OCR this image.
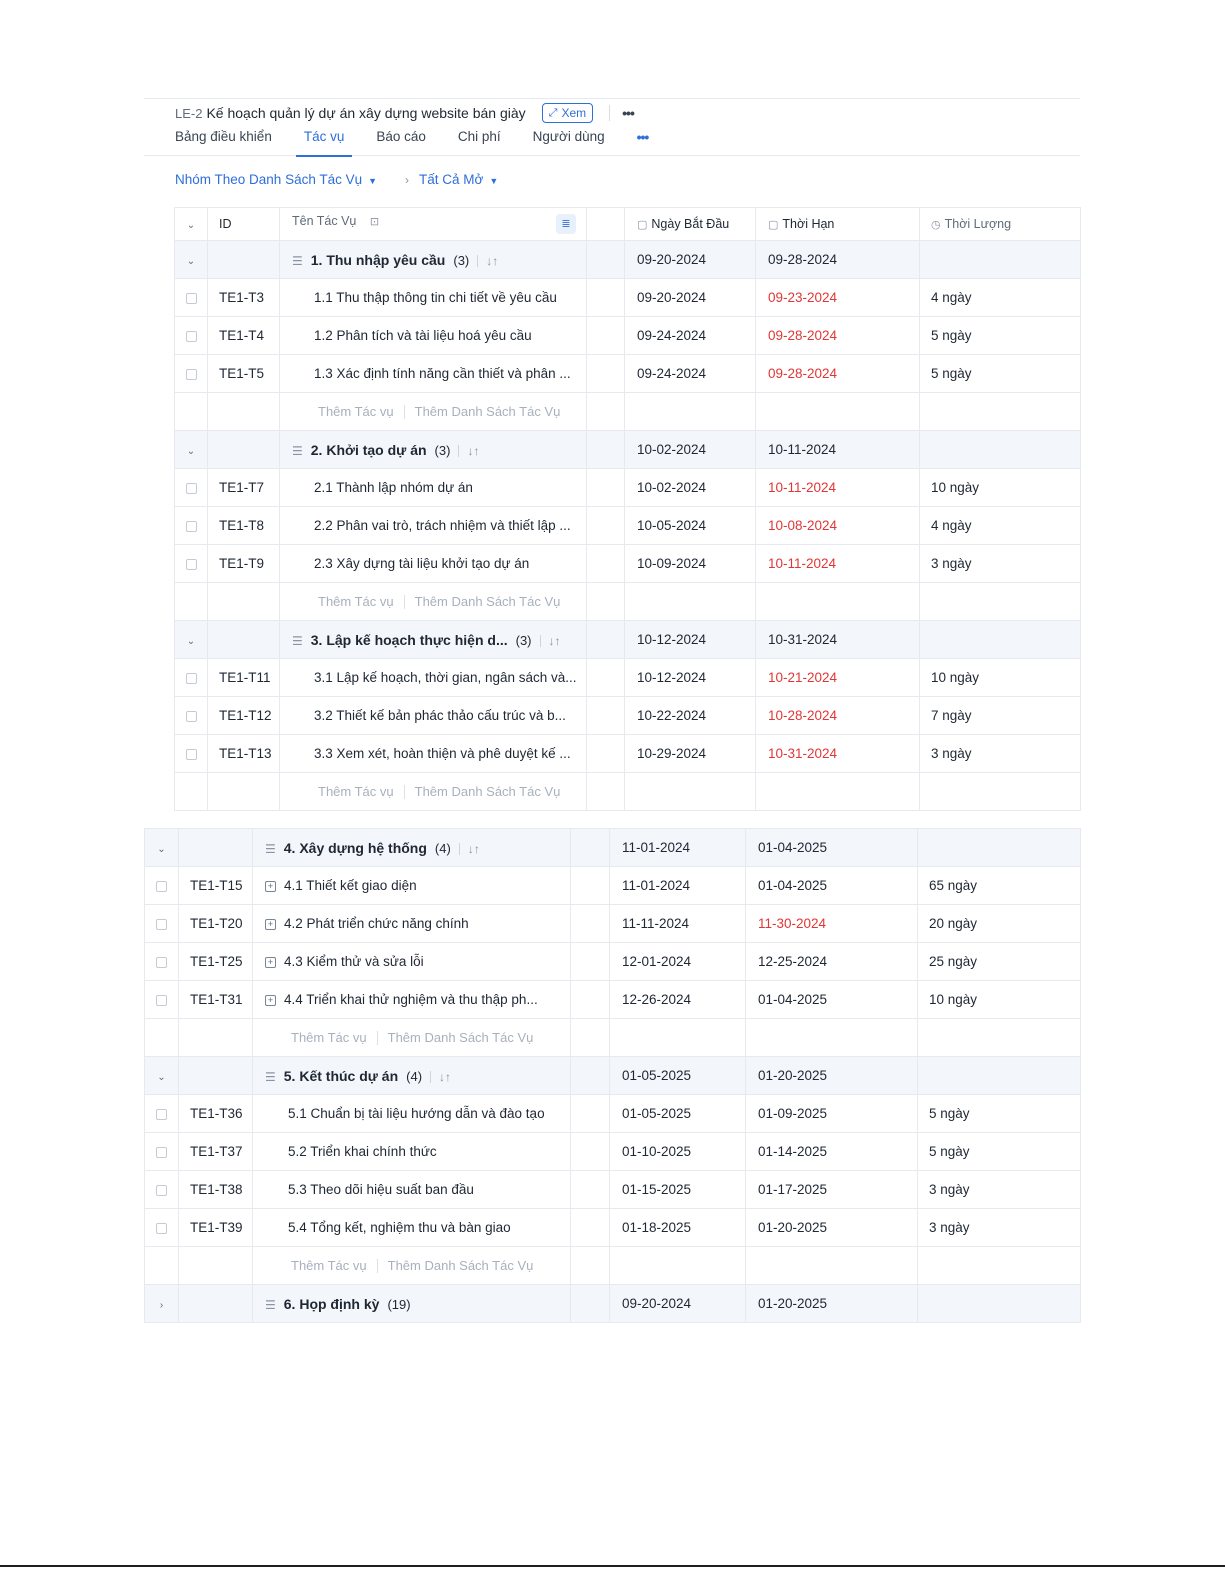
LE-2 Kế hoạch quản lý dự án xây dựng website bán giày ⤢ Xem	•••
Bảng điều khiển Tác vụ Báo cáo Chi phí Người dùng •••
Nhóm Theo Danh Sách Tác Vụ ▼ › Tất Cả Mở ▼
⌄	ID	Tên Tác Vụ ⊡ ≣		▢ Ngày Bắt Đầu	▢ Thời Hạn	◷ Thời Lượng
⌄		☰ 1. Thu nhập yêu cầu (3) ↓↑		09-20-2024	09-28-2024	
	TE1-T3	1.1 Thu thập thông tin chi tiết về yêu cầu		09-20-2024	09-23-2024	4 ngày
	TE1-T4	1.2 Phân tích và tài liệu hoá yêu cầu		09-24-2024	09-28-2024	5 ngày
	TE1-T5	1.3 Xác định tính năng cần thiết và phân ...		09-24-2024	09-28-2024	5 ngày
		Thêm Tác vụ Thêm Danh Sách Tác Vụ				
⌄		☰ 2. Khởi tạo dự án (3) ↓↑		10-02-2024	10-11-2024	
	TE1-T7	2.1 Thành lập nhóm dự án		10-02-2024	10-11-2024	10 ngày
	TE1-T8	2.2 Phân vai trò, trách nhiệm và thiết lập ...		10-05-2024	10-08-2024	4 ngày
	TE1-T9	2.3 Xây dựng tài liệu khởi tạo dự án		10-09-2024	10-11-2024	3 ngày
		Thêm Tác vụ Thêm Danh Sách Tác Vụ				
⌄		☰ 3. Lập kế hoạch thực hiện d... (3) ↓↑		10-12-2024	10-31-2024	
	TE1-T11	3.1 Lập kế hoạch, thời gian, ngân sách và...		10-12-2024	10-21-2024	10 ngày
	TE1-T12	3.2 Thiết kế bản phác thảo cấu trúc và b...		10-22-2024	10-28-2024	7 ngày
	TE1-T13	3.3 Xem xét, hoàn thiện và phê duyệt kế ...		10-29-2024	10-31-2024	3 ngày
		Thêm Tác vụ Thêm Danh Sách Tác Vụ				
⌄		☰ 4. Xây dựng hệ thống (4) ↓↑		11-01-2024	01-04-2025	
	TE1-T15	+ 4.1 Thiết kết giao diện		11-01-2024	01-04-2025	65 ngày
	TE1-T20	+ 4.2 Phát triển chức năng chính		11-11-2024	11-30-2024	20 ngày
	TE1-T25	+ 4.3 Kiểm thử và sửa lỗi		12-01-2024	12-25-2024	25 ngày
	TE1-T31	+ 4.4 Triển khai thử nghiệm và thu thập ph...		12-26-2024	01-04-2025	10 ngày
		Thêm Tác vụ Thêm Danh Sách Tác Vụ				
⌄		☰ 5. Kết thúc dự án (4) ↓↑		01-05-2025	01-20-2025	
	TE1-T36	5.1 Chuẩn bị tài liệu hướng dẫn và đào tạo		01-05-2025	01-09-2025	5 ngày
	TE1-T37	5.2 Triển khai chính thức		01-10-2025	01-14-2025	5 ngày
	TE1-T38	5.3 Theo dõi hiệu suất ban đầu		01-15-2025	01-17-2025	3 ngày
	TE1-T39	5.4 Tổng kết, nghiệm thu và bàn giao		01-18-2025	01-20-2025	3 ngày
		Thêm Tác vụ Thêm Danh Sách Tác Vụ				
›		☰ 6. Họp định kỳ (19)		09-20-2024	01-20-2025	
